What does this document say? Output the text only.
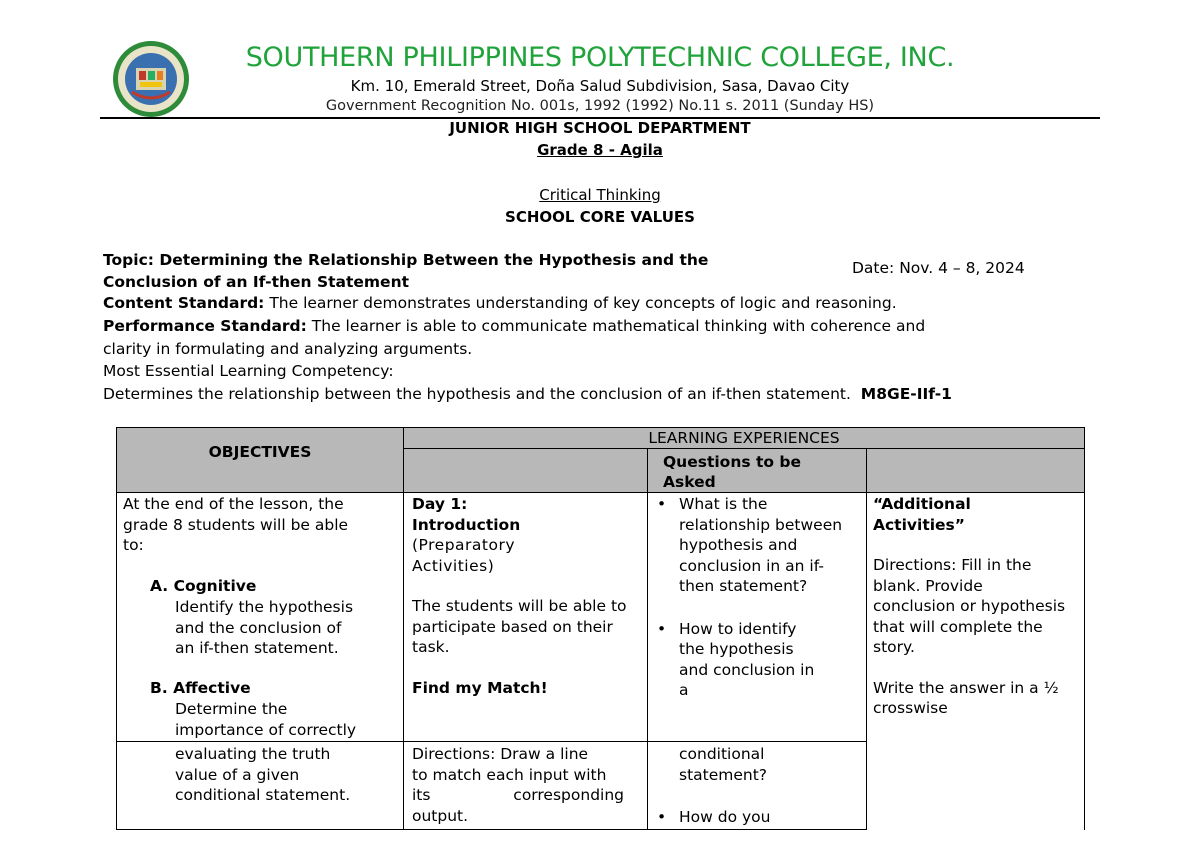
SOUTHERN PHILIPPINES POLYTECHNIC COLLEGE, INC.
Km. 10, Emerald Street, Doña Salud Subdivision, Sasa, Davao City
Government Recognition No. 001s, 1992 (1992) No.11 s. 2011 (Sunday HS)
JUNIOR HIGH SCHOOL DEPARTMENT
Grade 8 - Agila
Critical Thinking
SCHOOL CORE VALUES
Topic: Determining the Relationship Between the Hypothesis and the
Conclusion of an If-then Statement
Date: Nov. 4 – 8, 2024
Content Standard: The learner demonstrates understanding of key concepts of logic and reasoning.
Performance Standard: The learner is able to communicate mathematical thinking with coherence and
clarity in formulating and analyzing arguments.
Most Essential Learning Competency:
Determines the relationship between the hypothesis and the conclusion of an if-then statement. M8GE-IIf-1
OBJECTIVES
LEARNING EXPERIENCES
Questions to be Asked
At the end of the lesson, the
grade 8 students will be able
to:
A. Cognitive
Identify the hypothesis
and the conclusion of
an if-then statement.
B. Affective
Determine the
importance of correctly
evaluating the truth
value of a given
conditional statement.
Day 1:
Introduction
(Preparatory
Activities)
The students will be able to
participate based on their
task.
Find my Match!
Directions: Draw a line
to match each input with
its	corresponding
output.
• What is the
relationship between
hypothesis and
conclusion in an if-
then statement?
• How to identify
the hypothesis
and conclusion in
a
conditional
statement?
• How do you
“Additional
Activities”
Directions: Fill in the
blank. Provide
conclusion or hypothesis
that will complete the
story.
Write the answer in a ½
crosswise
